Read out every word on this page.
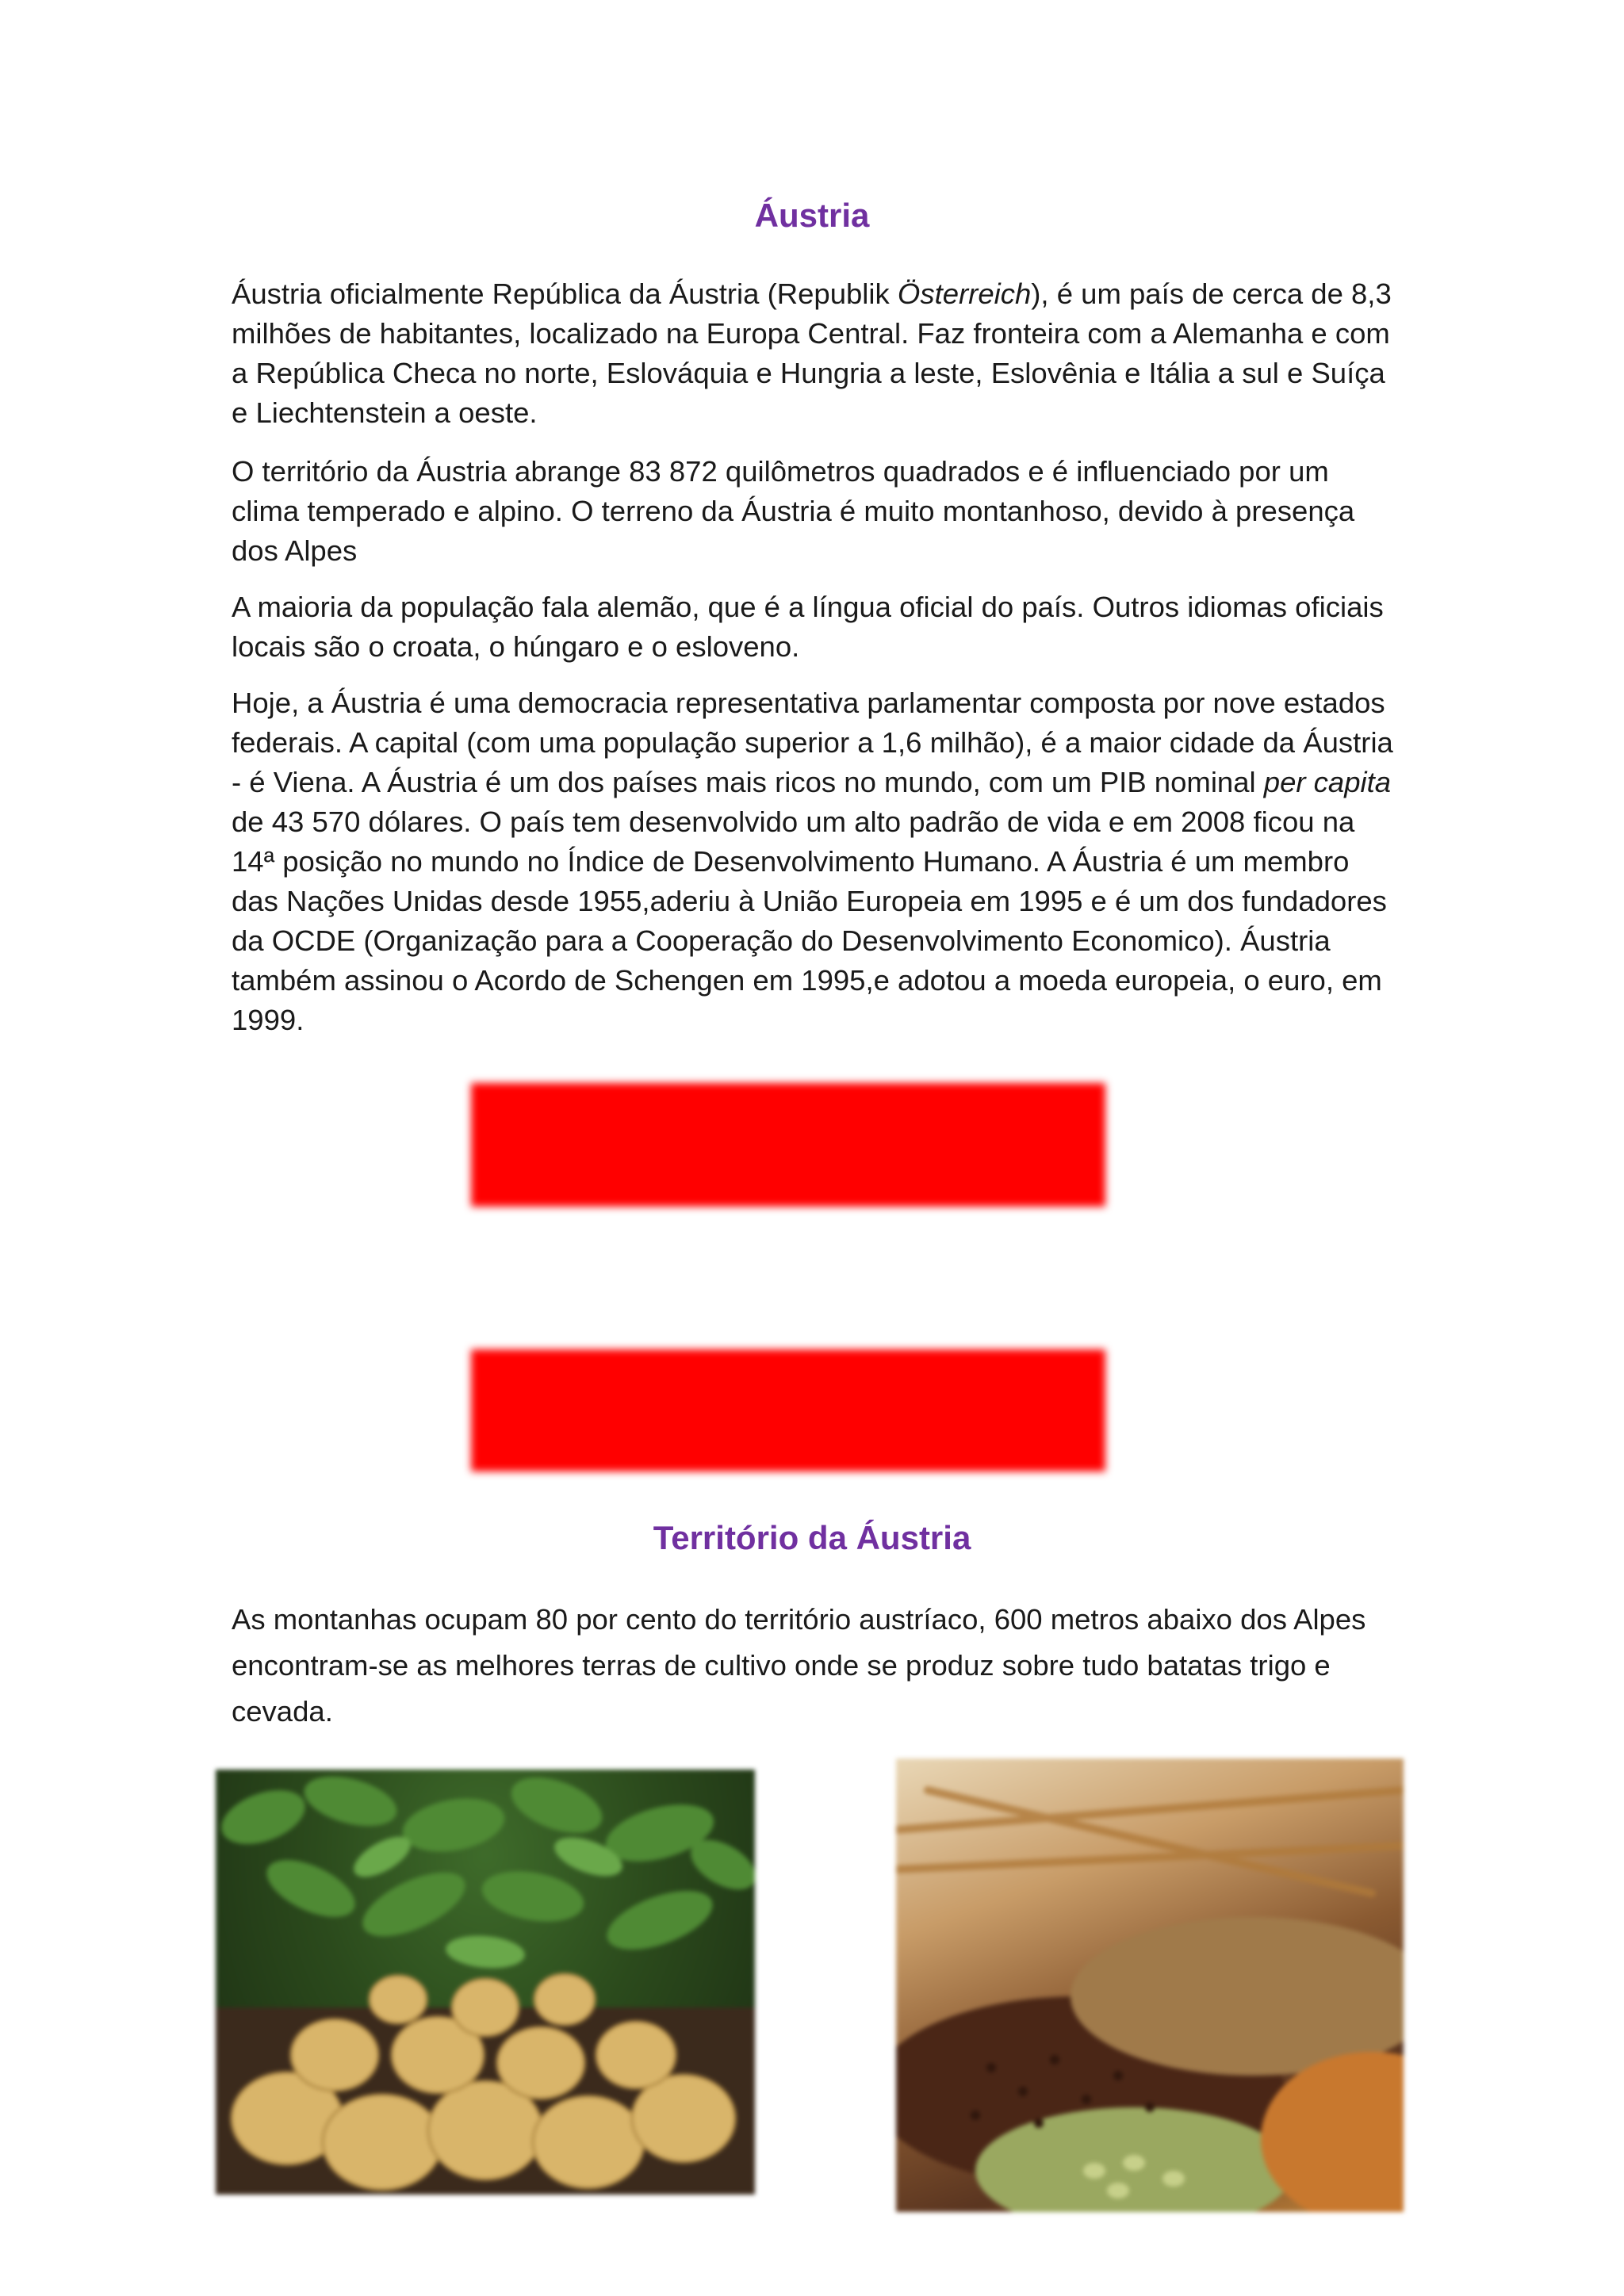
Áustria

Áustria oficialmente República da Áustria (Republik Österreich), é um país de cerca de 8,3 milhões de habitantes, localizado na Europa Central. Faz fronteira com a Alemanha e com a República Checa no norte, Eslováquia e Hungria a leste, Eslovênia e Itália a sul e Suíça e Liechtenstein a oeste.

O território da Áustria abrange 83 872 quilômetros quadrados e é influenciado por um clima temperado e alpino. O terreno da Áustria é muito montanhoso, devido à presença dos Alpes

A maioria da população fala alemão, que é a língua oficial do país. Outros idiomas oficiais locais são o croata, o húngaro e o esloveno.

Hoje, a Áustria é uma democracia representativa parlamentar composta por nove estados federais. A capital (com uma população superior a 1,6 milhão), é a maior cidade da Áustria - é Viena. A Áustria é um dos países mais ricos no mundo, com um PIB nominal per capita de 43 570 dólares. O país tem desenvolvido um alto padrão de vida e em 2008 ficou na 14ª posição no mundo no Índice de Desenvolvimento Humano. A Áustria é um membro das Nações Unidas desde 1955,aderiu à União Europeia em 1995 e é um dos fundadores da OCDE (Organização para a Cooperação do Desenvolvimento Economico). Áustria também assinou o Acordo de Schengen em 1995,e adotou a moeda europeia, o euro, em 1999.

Território da Áustria

As montanhas ocupam 80 por cento do território austríaco, 600 metros abaixo dos Alpes encontram-se as melhores terras de cultivo onde se produz sobre tudo batatas trigo e cevada.
